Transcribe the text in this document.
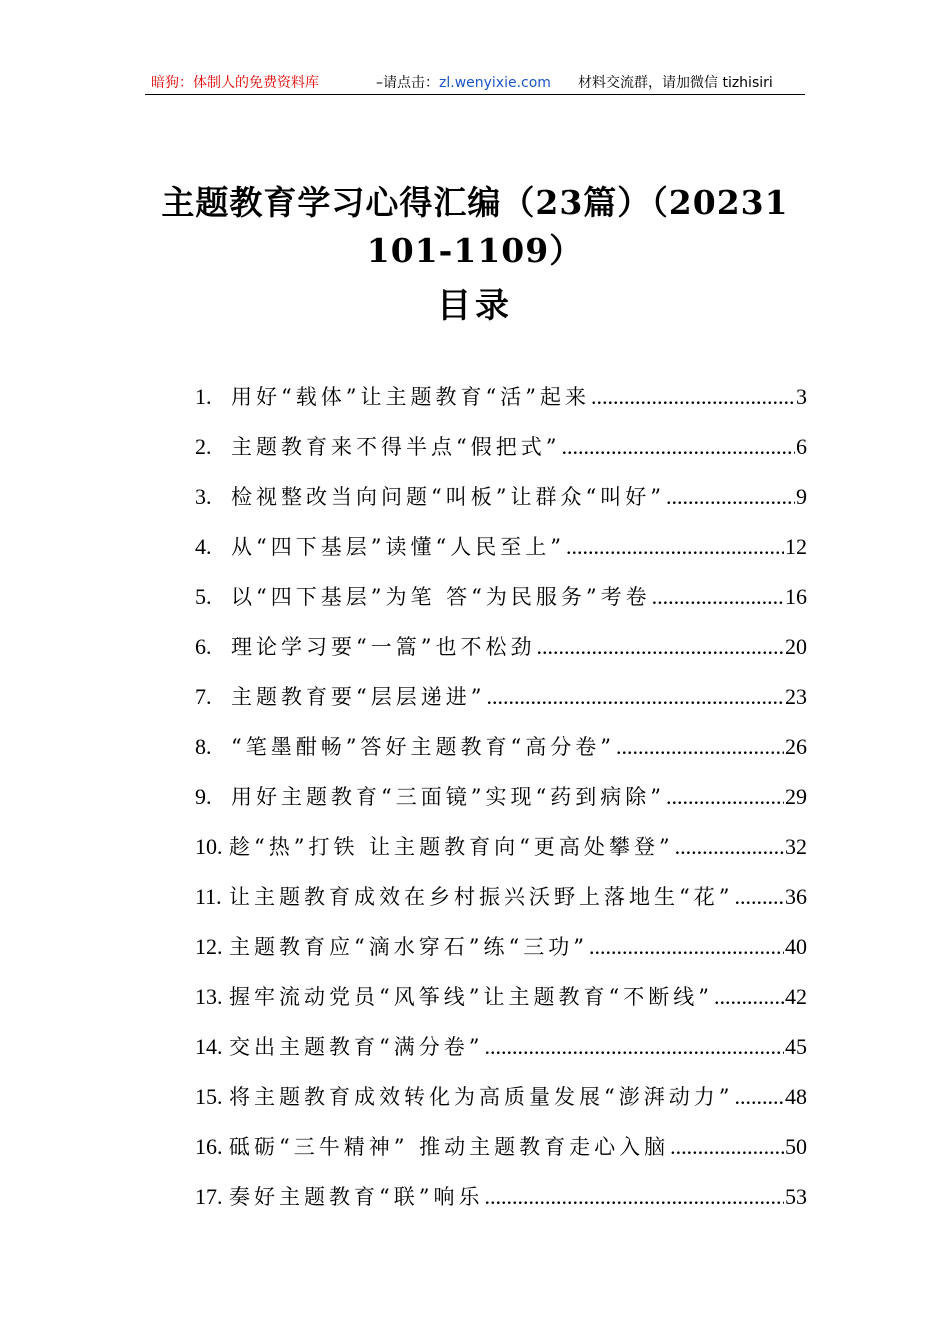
暗狗：体制人的免费资料库	–请点击：zl.wenyixie.com 材料交流群，请加微信 tizhisiri
主题教育学习心得汇编（23篇）（20231
101-1109）
目录
1. 用好“载体”让主题教育“活”起来 .....	3
2. 主题教育来不得半点“假把式” .....	6
3. 检视整改当向问题“叫板”让群众“叫好” .....	9
4. 从“四下基层”读懂“人民至上” .....	12
5. 以“四下基层”为笔 答“为民服务”考卷 .....	16
6. 理论学习要“一篙”也不松劲 .....	20
7. 主题教育要“层层递进” .....	23
8. “笔墨酣畅”答好主题教育“高分卷” .....	26
9. 用好主题教育“三面镜”实现“药到病除” .....	29
10. 趁“热”打铁 让主题教育向“更高处攀登” .....	32
11. 让主题教育成效在乡村振兴沃野上落地生“花” ..... 36
12. 主题教育应“滴水穿石”练“三功” .....	40
13. 握牢流动党员“风筝线”让主题教育“不断线” .....	42
14. 交出主题教育“满分卷” .....	45
15. 将主题教育成效转化为高质量发展“澎湃动力” ..... 48
16. 砥砺“三牛精神” 推动主题教育走心入脑 .....	50
17. 奏好主题教育“联”响乐 .....	53
